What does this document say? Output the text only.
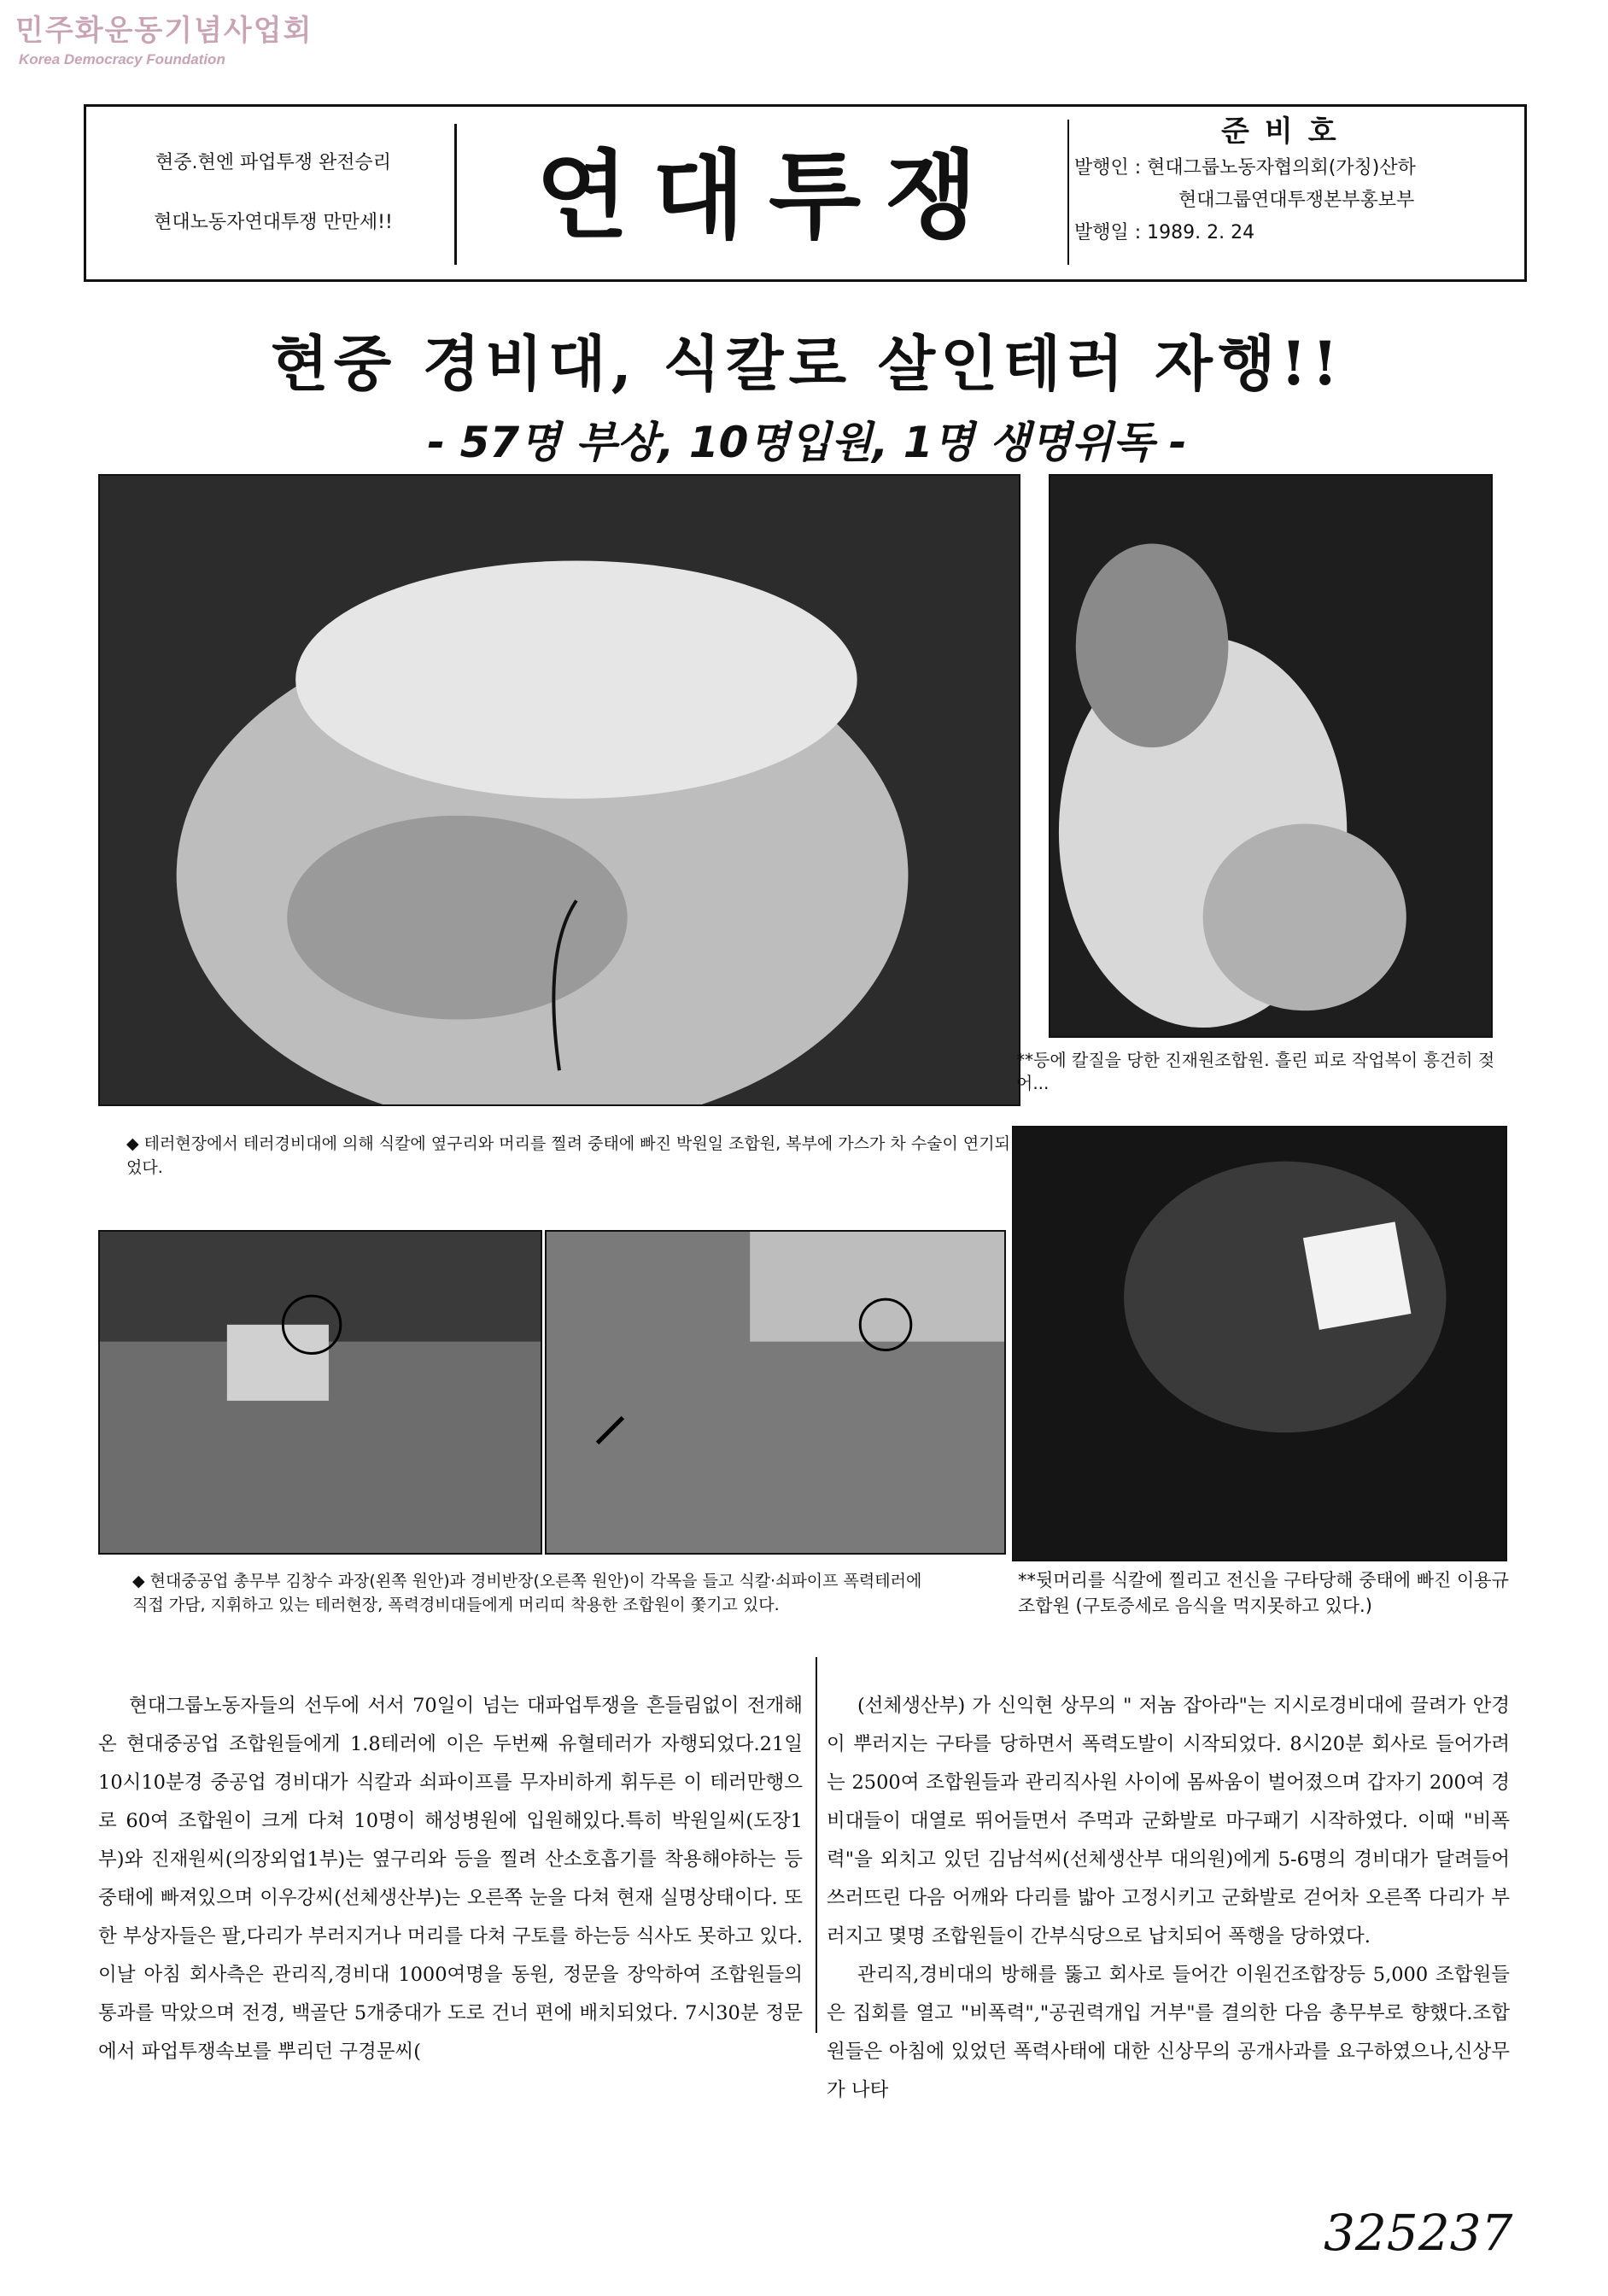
민주화운동기념사업회
Korea Democracy Foundation
현중.현엔 파업투쟁 완전승리
현대노동자연대투쟁 만만세!!	연대투쟁
준비호
발행인 : 현대그룹노동자협의회(가칭)산하
현대그룹연대투쟁본부홍보부
발행일 : 1989. 2. 24
현중 경비대, 식칼로 살인테러 자행!!
- 57명 부상, 10명입원, 1명 생명위독 -
◆ 테러현장에서 테러경비대에 의해 식칼에 옆구리와 머리를 찔려 중태에 빠진 박원일 조합원, 복부에 가스가 차 수술이 연기되었다.
**등에 칼질을 당한 진재원조합원. 흘린 피로 작업복이 흥건히 젖어...
◆ 현대중공업 총무부 김창수 과장(왼쪽 원안)과 경비반장(오른쪽 원안)이 각목을 들고 식칼·쇠파이프 폭력테러에 직접 가담, 지휘하고 있는 테러현장, 폭력경비대들에게 머리띠 착용한 조합원이 쫓기고 있다.
**뒷머리를 식칼에 찔리고 전신을 구타당해 중태에 빠진 이용규 조합원 (구토증세로 음식을 먹지못하고 있다.)

현대그룹노동자들의 선두에 서서 70일이 넘는 대파업투쟁을 흔들림없이 전개해온 현대중공업 조합원들에게 1.8테러에 이은 두번째 유혈테러가 자행되었다.21일 10시10분경 중공업 경비대가 식칼과 쇠파이프를 무자비하게 휘두른 이 테러만행으로 60여 조합원이 크게 다쳐 10명이 해성병원에 입원해있다.특히 박원일씨(도장1부)와 진재원씨(의장외업1부)는 옆구리와 등을 찔려 산소호흡기를 착용해야하는 등 중태에 빠져있으며 이우강씨(선체생산부)는 오른쪽 눈을 다쳐 현재 실명상태이다. 또한 부상자들은 팔,다리가 부러지거나 머리를 다쳐 구토를 하는등 식사도 못하고 있다. 이날 아침 회사측은 관리직,경비대 1000여명을 동원, 정문을 장악하여 조합원들의 통과를 막았으며 전경, 백골단 5개중대가 도로 건너 편에 배치되었다. 7시30분 정문에서 파업투쟁속보를 뿌리던 구경문씨(

(선체생산부) 가 신익현 상무의 " 저놈 잡아라"는 지시로경비대에 끌려가 안경이 뿌러지는 구타를 당하면서 폭력도발이 시작되었다. 8시20분 회사로 들어가려는 2500여 조합원들과 관리직사원 사이에 몸싸움이 벌어졌으며 갑자기 200여 경비대들이 대열로 뛰어들면서 주먹과 군화발로 마구패기 시작하였다. 이때 "비폭력"을 외치고 있던 김남석씨(선체생산부 대의원)에게 5-6명의 경비대가 달려들어 쓰러뜨린 다음 어깨와 다리를 밟아 고정시키고 군화발로 걷어차 오른쪽 다리가 부러지고 몇명 조합원들이 간부식당으로 납치되어 폭행을 당하였다.

관리직,경비대의 방해를 뚫고 회사로 들어간 이원건조합장등 5,000 조합원들은 집회를 열고 "비폭력","공권력개입 거부"를 결의한 다음 총무부로 향했다.조합원들은 아침에 있었던 폭력사태에 대한 신상무의 공개사과를 요구하였으나,신상무가 나타

325237
